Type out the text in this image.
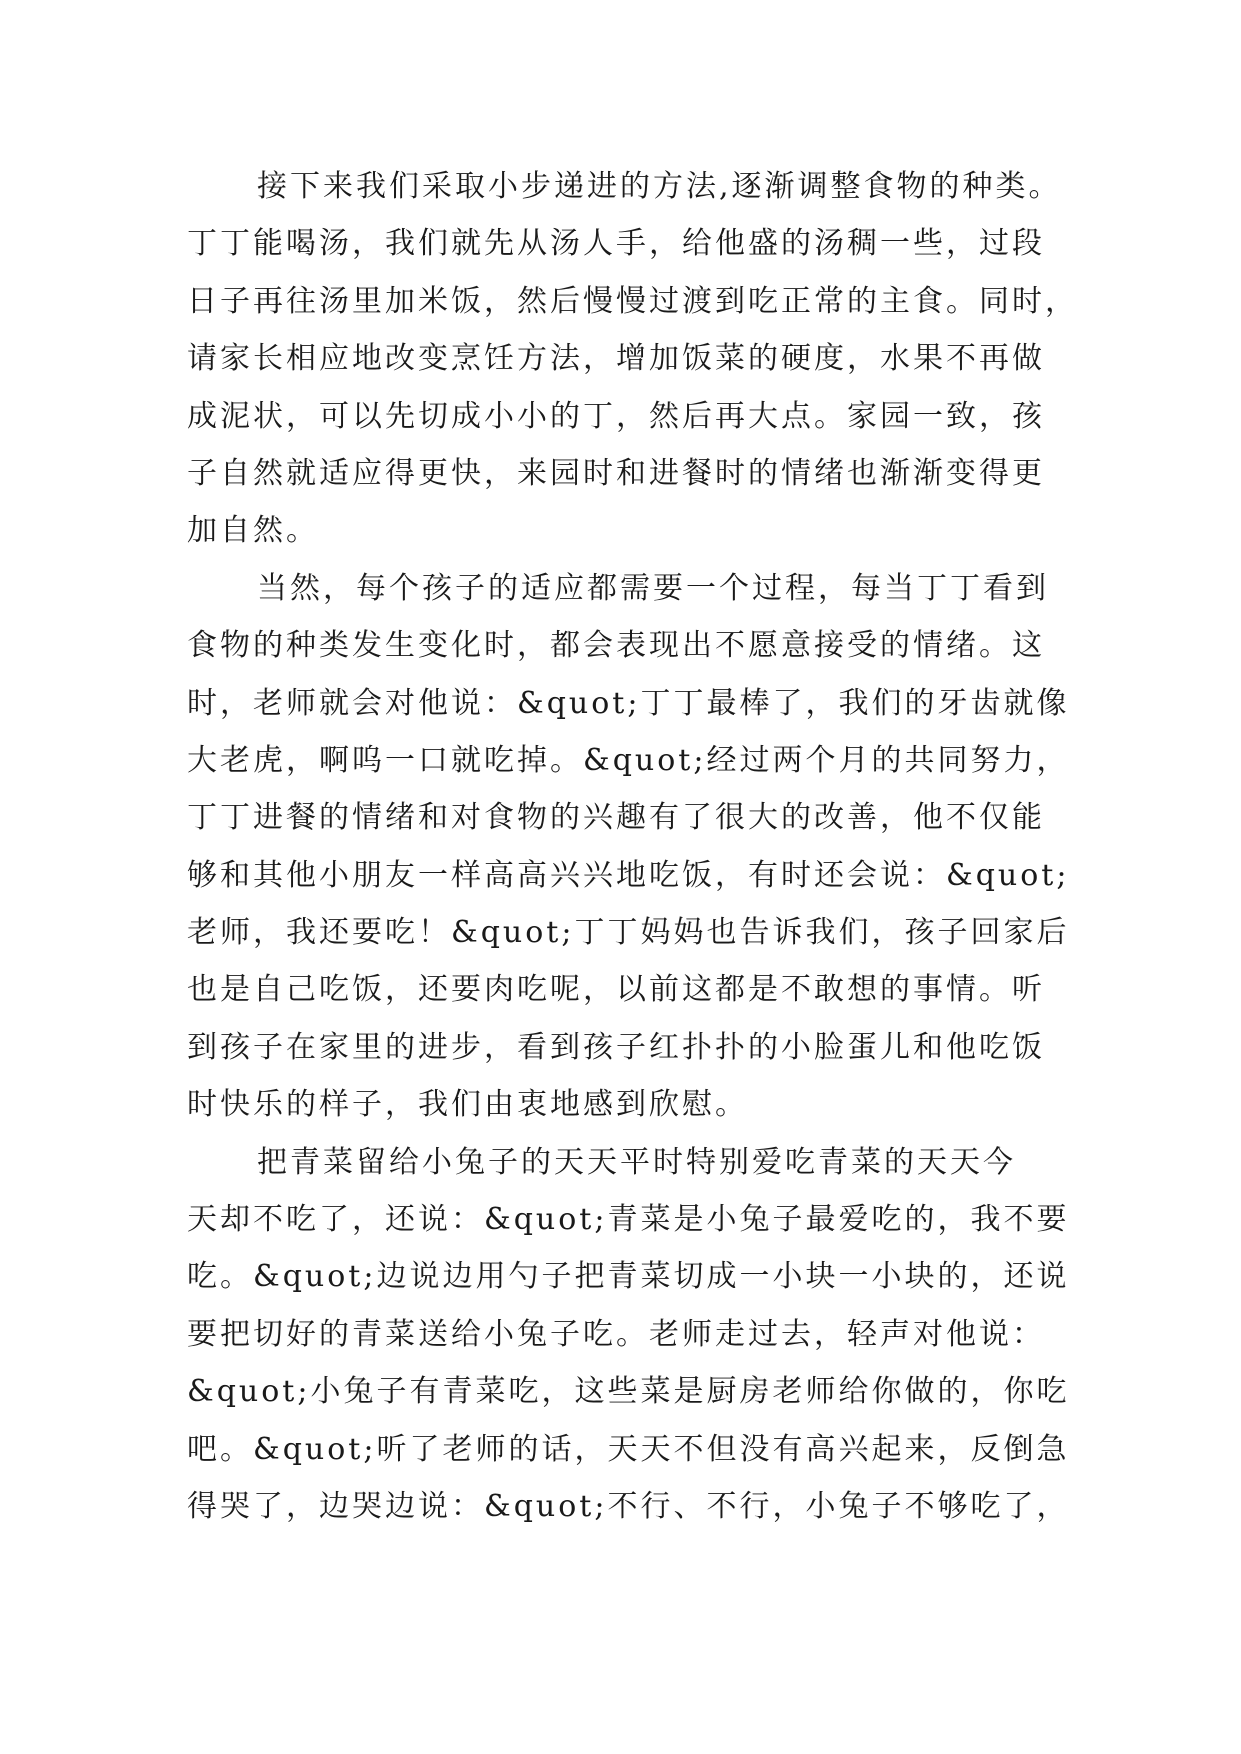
接下来我们采取小步递进的方法,逐渐调整食物的种类。
丁丁能喝汤，我们就先从汤人手，给他盛的汤稠一些，过段
日子再往汤里加米饭，然后慢慢过渡到吃正常的主食。同时，
请家长相应地改变烹饪方法，增加饭菜的硬度，水果不再做
成泥状，可以先切成小小的丁，然后再大点。家园一致，孩
子自然就适应得更快，来园时和进餐时的情绪也渐渐变得更
加自然。
当然，每个孩子的适应都需要一个过程，每当丁丁看到
食物的种类发生变化时，都会表现出不愿意接受的情绪。这
时，老师就会对他说：&quot;丁丁最棒了，我们的牙齿就像
大老虎，啊呜一口就吃掉。&quot;经过两个月的共同努力，
丁丁进餐的情绪和对食物的兴趣有了很大的改善，他不仅能
够和其他小朋友一样高高兴兴地吃饭，有时还会说：&quot;
老师，我还要吃！&quot;丁丁妈妈也告诉我们，孩子回家后
也是自己吃饭，还要肉吃呢，以前这都是不敢想的事情。听
到孩子在家里的进步，看到孩子红扑扑的小脸蛋儿和他吃饭
时快乐的样子，我们由衷地感到欣慰。
把青菜留给小兔子的天天平时特别爱吃青菜的天天今
天却不吃了，还说：&quot;青菜是小兔子最爱吃的，我不要
吃。&quot;边说边用勺子把青菜切成一小块一小块的，还说
要把切好的青菜送给小兔子吃。老师走过去，轻声对他说：
&quot;小兔子有青菜吃，这些菜是厨房老师给你做的，你吃
吧。&quot;听了老师的话，天天不但没有高兴起来，反倒急
得哭了，边哭边说：&quot;不行、不行，小兔子不够吃了，
